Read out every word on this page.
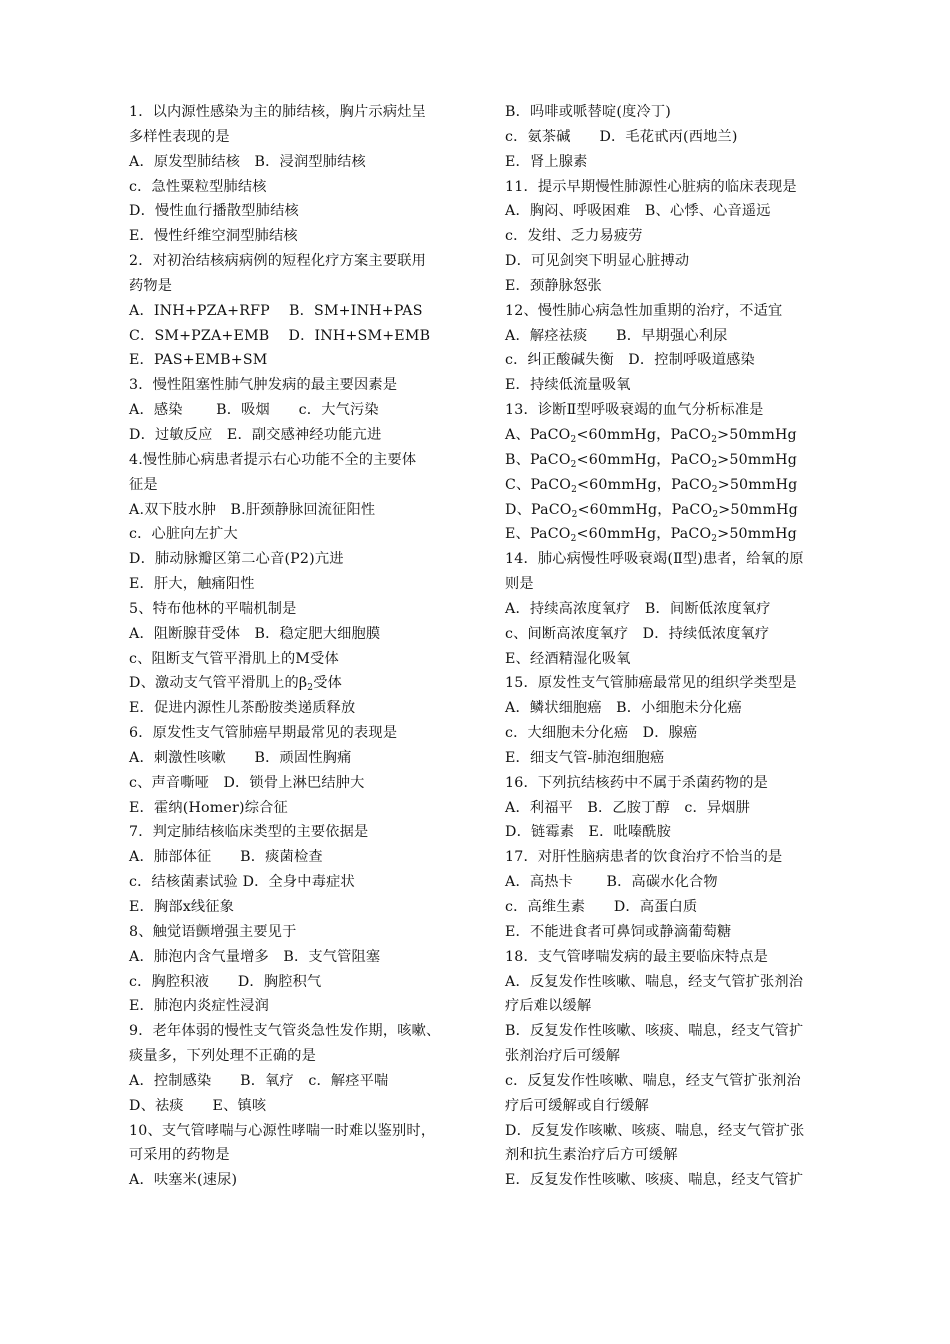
1．以内源性感染为主的肺结核，胸片示病灶呈
多样性表现的是
A．原发型肺结核　B．浸润型肺结核
c．急性粟粒型肺结核
D．慢性血行播散型肺结核
E．慢性纤维空洞型肺结核
2．对初治结核病病例的短程化疗方案主要联用
药物是
A．INH+PZA+RFP　 B．SM+INH+PAS
C．SM+PZA+EMB　 D．INH+SM+EMB
E．PAS+EMB+SM
3．慢性阻塞性肺气肿发病的最主要因素是
A．感染　　 B．吸烟　　c．大气污染
D．过敏反应　E．副交感神经功能亢进
4.慢性肺心病患者提示右心功能不全的主要体
征是
A.双下肢水肿　B.肝颈静脉回流征阳性
c．心脏向左扩大
D．肺动脉瓣区第二心音(P2)亢进
E．肝大，触痛阳性
5、特布他林的平喘机制是
A．阻断腺苷受体　B．稳定肥大细胞膜
c、阻断支气管平滑肌上的M受体
D、激动支气管平滑肌上的$\beta_2$受体
E．促进内源性儿茶酚胺类递质释放
6．原发性支气管肺癌早期最常见的表现是
A．刺激性咳嗽　　B．顽固性胸痛
c、声音嘶哑　D．锁骨上淋巴结肿大
E．霍纳(Homer)综合征
7．判定肺结核临床类型的主要依据是
A．肺部体征　　B．痰菌检查
c．结核菌素试验 D．全身中毒症状
E．胸部x线征象
8、触觉语颤增强主要见于
A．肺泡内含气量增多　B．支气管阻塞
c．胸腔积液　　D．胸腔积气
E．肺泡内炎症性浸润
9．老年体弱的慢性支气管炎急性发作期，咳嗽、
痰量多，下列处理不正确的是
A．控制感染　　B．氧疗　c．解痉平喘
D、祛痰　　E、镇咳
10、支气管哮喘与心源性哮喘一时难以鉴别时，
可采用的药物是
A．呋塞米(速尿)
B．吗啡或哌替啶(度冷丁)
c．氨茶碱　　D．毛花甙丙(西地兰)
E．肾上腺素
11．提示早期慢性肺源性心脏病的临床表现是
A．胸闷、呼吸困难　B、心悸、心音遥远
c．发绀、乏力易疲劳
D．可见剑突下明显心脏搏动
E．颈静脉怒张
12、慢性肺心病急性加重期的治疗，不适宜
A．解痉祛痰　　B．早期强心利尿
c．纠正酸碱失衡　D．控制呼吸道感染
E．持续低流量吸氧
13．诊断Ⅱ型呼吸衰竭的血气分析标准是
A、PaCO$_2$<60mmHg，PaCO$_2$>50mmHg
B、PaCO$_2$<60mmHg，PaCO$_2$>50mmHg
C、PaCO$_2$<60mmHg，PaCO$_2$>50mmHg
D、PaCO$_2$<60mmHg，PaCO$_2$>50mmHg
E、PaCO$_2$<60mmHg，PaCO$_2$>50mmHg
14．肺心病慢性呼吸衰竭(Ⅱ型)患者，给氧的原
则是
A．持续高浓度氧疗　B．间断低浓度氧疗
c、间断高浓度氧疗　D．持续低浓度氧疗
E、经酒精湿化吸氧
15．原发性支气管肺癌最常见的组织学类型是
A．鳞状细胞癌　B．小细胞未分化癌
c．大细胞未分化癌　D．腺癌
E．细支气管-肺泡细胞癌
16．下列抗结核药中不属于杀菌药物的是
A．利福平　B．乙胺丁醇　c．异烟肼
D．链霉素　E．吡嗪酰胺
17．对肝性脑病患者的饮食治疗不恰当的是
A．高热卡　　 B．高碳水化合物
c．高维生素　　D．高蛋白质
E．不能进食者可鼻饲或静滴葡萄糖
18．支气管哮喘发病的最主要临床特点是
A．反复发作性咳嗽、喘息，经支气管扩张剂治
疗后难以缓解
B．反复发作性咳嗽、咳痰、喘息，经支气管扩
张剂治疗后可缓解
c．反复发作性咳嗽、喘息，经支气管扩张剂治
疗后可缓解或自行缓解
D．反复发作咳嗽、咳痰、喘息，经支气管扩张
剂和抗生素治疗后方可缓解
E．反复发作性咳嗽、咳痰、喘息，经支气管扩
